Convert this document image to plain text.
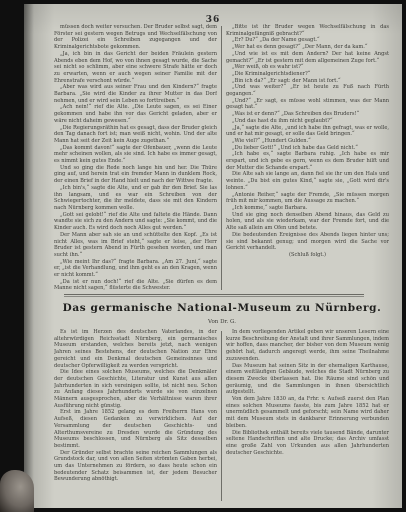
36

müssen doch weiter versuchen. Der Bruder selbst sagt, dem Förster sei gestern wegen Betrugs und Wechselfälschung von der Polizei ein Schreiben zugegangen und der Kriminalgerichtsbote gekommen.

„Ja, ich bin in das Gericht der beiden Fräulein gestern Abends eben dem Hof, wo von ihnen gesagt wurde, die Sache sei nicht so schlimm, aber eine schwere Strafe hätte er doch zu erwarten, wenn er auch wegen seiner Familie mit der Ehrenstrafe verschont würde.“

„Aber was wird aus seiner Frau und den Kindern?“ fragte Barbara. „Sie wird die Kinder zu ihrer Mutter in das Dorf nehmen, und er wird sein Leben so forttreiben.“

„Ach nein!“ rief die Alte. „Die Leute sagen, es sei Einer gekommen und habe ihn vor das Gericht geladen, aber er wäre nicht daheim gewesen.“

„Die Regierungsräthin hat es gesagt, dass der Bruder gleich den Tag danach fort ist; man weiß nicht, wohin. Und der alte Mann hat seit der Zeit kein Auge zugethan.“

„Das kommt davon!“ sagte der Ofenbauer, „wenn die Leute mehr scheinen wollen, als sie sind. Ich habe es immer gesagt, es nimmt kein gutes Ende.“

Und so ging die Rede noch lange hin und her. Die Thüre ging auf, und herein trat ein fremder Mann in dunklem Rock, der einen Brief in der Hand hielt und nach der Wittwe fragte.

„Ich bin's,“ sagte die Alte, und er gab ihr den Brief. Sie las ihn langsam, und es war ein Schreiben von der Schwiegertochter, die ihr meldete, dass sie mit den Kindern nach Nürnberg kommen wolle.

„Gott sei gelobt!“ rief die Alte und faltete die Hände. Dann wandte sie sich zu den Andern und sagte: „Sie kommt, und die Kinder auch. Es wird doch noch Alles gut werden.“

Der Mann aber sah sie an und schüttelte den Kopf. „Es ist nicht Alles, was im Brief steht,“ sagte er leise, „der Herr Bruder ist gestern Abend in Fürth gesehen worden, und man sucht ihn.“

„Wie meint Ihr das?“ fragte Barbara. „Am 27. Juni,“ sagte er, „ist die Verhandlung, und ihm geht es an den Kragen, wenn er nicht kommt.“

„Da ist er nun doch!“ rief die Alte. „Sie dürfen es dem Manne nicht sagen,“ flüsterte die Schwester.

„Bitte ist ihr Bruder wegen Wechselfälschung in das Kriminalgefängniß gebracht?“

„Er? Du?“ „Da der Name gesagt.“

„Wer hat es denn gesagt?“ „Der Mann, der da kam.“

„Und wie ist es mit dem Andern? Der hat keine Angst gemacht?“ „Er ist gestern mit dem allgemeinen Zuge fort.“

„Wer weiß, ob es wahr ist?“

„Die Kriminalgerichtsdiener?“

„Bin ich da?“ „Er sagt: der Mann ist fort.“

„Und was weiter?“ „Er ist heute zu Fuß nach Fürth gegangen.“

„Und?“ „Er sagt, es müsse wohl stimmen, was der Mann gesagt hat.“

„Was ist er denn?“ „Das Schreiben des Bruders!“

„Und das hast du ihm nicht geglaubt?“

„Ja,“ sagte die Alte, „und ich habe ihn gefragt, was er wolle, und er hat mir gesagt, er solle das Geld bringen.“

„Wie viel?“ „Hundert Gulden.“

„Du lieber Gott!“ „Und ich habe das Geld nicht.“

„Ich habe es,“ sagte Barbara ruhig. „Ich habe es mir erspart, und ich gebe es gern, wenn es dem Bruder hilft und der Mutter die Schande erspart.“

Die Alte sah sie lange an, dann fiel sie ihr um den Hals und weinte. „Du bist ein gutes Kind,“ sagte sie, „Gott wird dir's lohnen.“

„Antonie Reiher,“ sagte der Fremde, „Sie müssen morgen früh mit mir kommen, um die Aussage zu machen.“

„Ich komme,“ sagte Barbara.

Und sie ging noch denselben Abend hinaus, das Geld zu holen, und als sie wiederkam, war der Fremde fort, und die Alte saß allein am Ofen und betete.

Die bedeutenden Ereignisse des Abends liegen hinter uns; sie sind bekannt genug; und morgen wird die Sache vor Gericht verhandelt.

(Schluß folgt.)

Das germanische National-Museum zu Nürnberg.
Von Dr. G.

Es ist im Herzen des deutschen Vaterlandes, in der altehrwürdigen Reichsstadt Nürnberg, ein germanisches Museum erstanden, welches bereits jetzt, nach wenigen Jahren seines Bestehens, der deutschen Nation zur Ehre gereicht und ein Denkmal deutschen Gemeinsinnes und deutscher Opferwilligkeit zu werden verspricht.

Die Idee eines solchen Museums, welches die Denkmäler der deutschen Geschichte, Literatur und Kunst aus allen Jahrhunderten in sich vereinigen sollte, ist nicht neu. Schon zu Anfang dieses Jahrhunderts wurde sie von einzelnen Männern ausgesprochen, aber die Verhältnisse waren ihrer Ausführung nicht günstig.

Erst im Jahre 1852 gelang es dem Freiherrn Hans von Aufseß, diesen Gedanken zu verwirklichen. Auf der Versammlung der deutschen Geschichts- und Alterthumsvereine zu Dresden wurde die Gründung des Museums beschlossen, und Nürnberg als Sitz desselben bestimmt.

Der Gründer selbst brachte seine reichen Sammlungen als Grundstock dar, und von allen Seiten strömten Gaben herbei, um das Unternehmen zu fördern, so dass heute schon ein bedeutender Schatz beisammen ist, der jedem Besucher Bewunderung abnöthigt.

In dem vorliegenden Artikel geben wir unseren Lesern eine kurze Beschreibung der Anstalt und ihrer Sammlungen, indem wir hoffen, dass mancher, der bisher von dem Museum wenig gehört hat, dadurch angeregt werde, ihm seine Theilnahme zuzuwenden.

Das Museum hat seinen Sitz in der ehemaligen Karthause, einem weitläufigen Gebäude, welches die Stadt Nürnberg zu diesem Zwecke überlassen hat. Die Räume sind schön und geräumig, und die Sammlungen in ihnen übersichtlich aufgestellt.

Von dem Jahre 1830 an, da Frhr. v. Aufseß zuerst den Plan eines solchen Museums fasste, bis zum Jahre 1852 hat er unermüdlich gesammelt und geforscht; sein Name wird daher mit dem Museum stets in dankbarer Erinnerung verbunden bleiben.

Die Bibliothek enthält bereits viele tausend Bände, darunter seltene Handschriften und alte Drucke; das Archiv umfasst eine große Zahl von Urkunden aus allen Jahrhunderten deutscher Geschichte.
